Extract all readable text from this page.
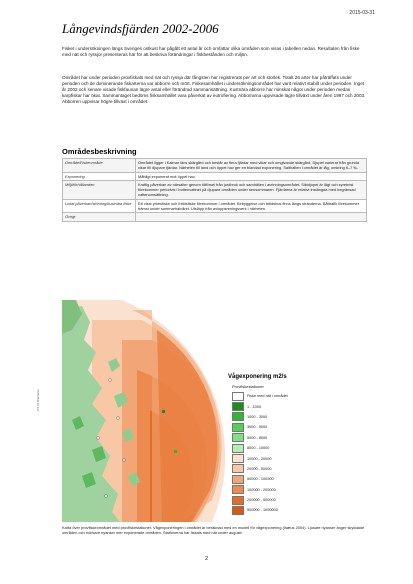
2015-03-31
Långevindsfjärden 2002-2006

Fisket i undersökningen längs Sveriges ostkust har pågått ett antal år och omfattar olika områden som visas i tabellen nedan. Resultaten från fiske med nät och ryssjor presenteras här för att beskriva förändringar i fiskbestånden och miljön.

Området har under perioden provfiskats med nät och ryssja där fångsten har registrerats per art och storlek. Totalt 26 arter har påträffats under perioden och de dominerande fiskarterna var abborre och mört. Fiskesamhället i undersökningsområdet har varit relativt stabilt under perioden. Inget år 2002 och senare visade fiskfaunan lägre antal eller förändrad sammansättning. Kustnära abborre har minskat något under perioden medan karpfiskar har ökat. Sammantaget bedöms fisksamhället vara påverkat av eutrofiering. Abborrarna uppvisade lägre tillväxt under åren 1997 och 2003. Abborren uppvisar högre tillväxt i området.

Områdesbeskrivning
Område/Fiskeområde	Området ligger i Kalmar läns skärgård och består av flera fjärdar med vikar och omgivande skärgård. Djupet varierar från grunda vikar till djupare fjärdar. Närheten till land och öppet hav ger en blandad exponering. Salthalten i området är låg, omkring 6–7 ‰.
Exponering	Måttligt exponerat mot öppet hav.
Miljöförhållanden	Kraftig påverkan av närsalter genom tillförsel från jordbruk och samhällen i avrinningsområdet. Siktdjupet är lågt och syrebrist förekommer periodvis i bottenvattnet på djupare områden under sensommaren. Fjärdarna är relativt instängda med begränsad vattenomsättning.
Lokal påverkan/störning/kustnära fiske	Ett visst yrkesfiske och fritidsfiske förekommer i området. Bebyggelse och fritidshus finns längs stränderna. Båttrafik förekommer främst under sommarhalvåret. Utsläpp från avloppsreningsverk i närheten.
Övrigt	
0 5 10 Kilometer
Vågexponering m2/s
Provfiskestationer
Fiske med nät i området
1 - 1000
1000 - 3000
3000 - 5000
5000 - 8000
8000 - 10000
10000 - 20000
20000 - 50000
50000 - 100000
100000 - 200000
200000 - 500000
500000 - 1000000

Karta över provfiskeområdet med provfiskestationer. Vågexponeringen i området är beräknad med en modell för vågexponering (Isæus 2004). Ljusare nyanser anger skyddade områden och mörkare nyanser mer exponerade områden. Stationerna har fiskats med nät under augusti.

2
